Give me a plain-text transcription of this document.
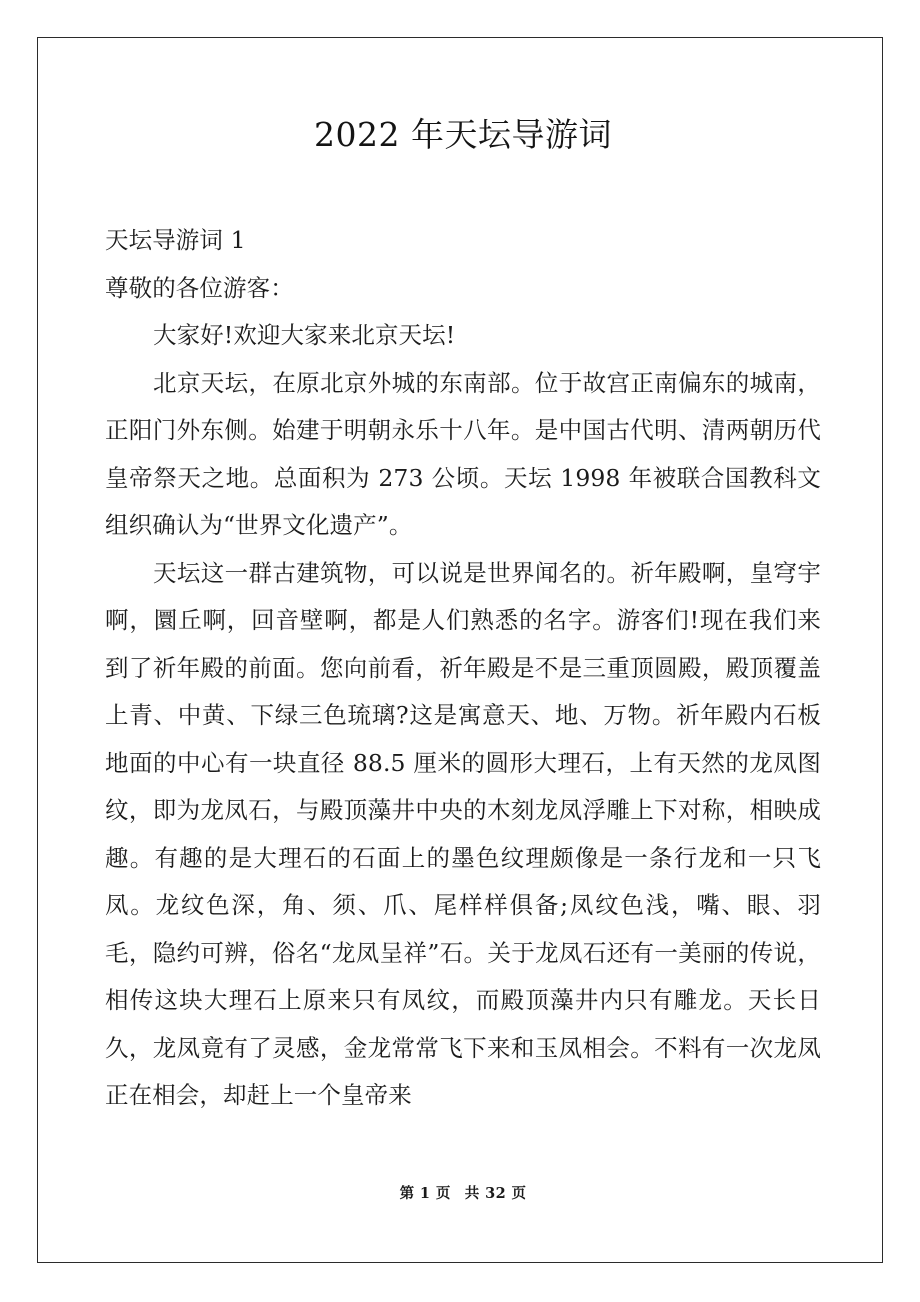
2022 年天坛导游词

天坛导游词 1

尊敬的各位游客：

大家好!欢迎大家来北京天坛!

北京天坛，在原北京外城的东南部。位于故宫正南偏东的城南，正阳门外东侧。始建于明朝永乐十八年。是中国古代明、清两朝历代皇帝祭天之地。总面积为 273 公顷。天坛 1998 年被联合国教科文组织确认为“世界文化遗产”。

天坛这一群古建筑物，可以说是世界闻名的。祈年殿啊，皇穹宇啊，圜丘啊，回音壁啊，都是人们熟悉的名字。游客们!现在我们来到了祈年殿的前面。您向前看，祈年殿是不是三重顶圆殿，殿顶覆盖上青、中黄、下绿三色琉璃?这是寓意天、地、万物。祈年殿内石板地面的中心有一块直径 88.5 厘米的圆形大理石，上有天然的龙凤图纹，即为龙凤石，与殿顶藻井中央的木刻龙凤浮雕上下对称，相映成趣。有趣的是大理石的石面上的墨色纹理颇像是一条行龙和一只飞凤。龙纹色深，角、须、爪、尾样样俱备;凤纹色浅，嘴、眼、羽毛，隐约可辨，俗名“龙凤呈祥”石。关于龙凤石还有一美丽的传说，相传这块大理石上原来只有凤纹，而殿顶藻井内只有雕龙。天长日久，龙凤竟有了灵感，金龙常常飞下来和玉凤相会。不料有一次龙凤正在相会，却赶上一个皇帝来

第 1 页 共 32 页
